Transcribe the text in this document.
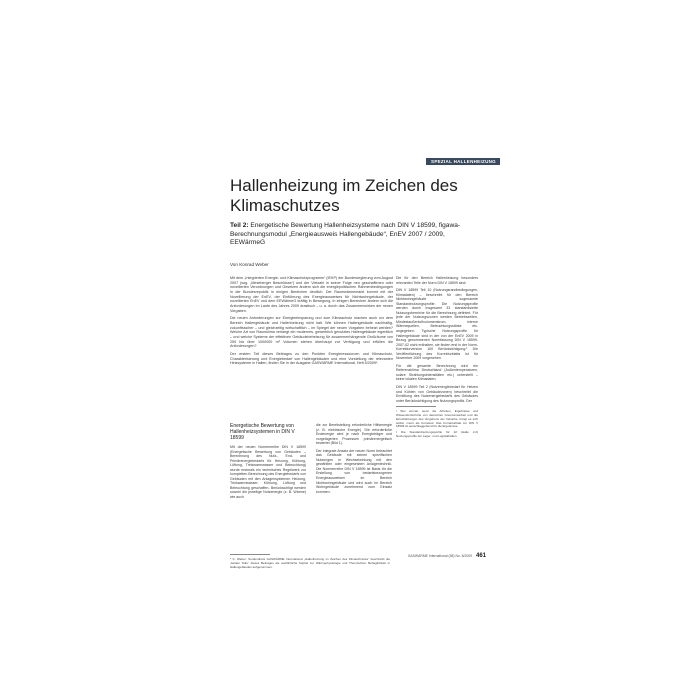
SPEZIAL HALLENHEIZUNG
Hallenheizung im Zeichen des Klimaschutzes
Teil 2: Energetische Bewertung Hallenheizsysteme nach DIN V 18599, figawa-Berechnungsmodul „Energieausweis Hallengebäude“, EnEV 2007 / 2009, EEWärmeG
Von Konrad Weber

Mit dem „Integrierten Energie- und Klimaschutzprogramm“ (IEKP) der Bundesregierung vom August 2007 (sog. „Meseberger Beschlüsse“) und der Vielzahl in seiner Folge neu geschaffenen oder novellierten Verordnungen und Gesetzen ändern sich die energiepolitischen Rahmenbedingungen in der Bundesrepublik in einigen Bereichen deutlich. Der Raumwärmemarkt kommt mit der Novellierung der EnEV, der Einführung des Energieausweises für Nichtwohngebäude, der novellierten EnEV und dem EEWärmeG kräftig in Bewegung, in einigen Bereichen ändern sich die Anforderungen im Laufe des Jahres 2009 drastisch – u. a. durch das Zusammenwirken der neuen Vorgaben.

Die neuen Anforderungen zur Energieeinsparung und zum Klimaschutz machen auch vor dem Bereich Hallengebäude und Hallenheizung nicht halt. Wie können Hallengebäude nachhaltig, zukunftssicher – und gleichzeitig wirtschaftlich – im Spiegel der neuen Vorgaben beheizt werden? Welche Art von Raumklima verlangt ein modernes, gewerblich genutztes Hallengebäude eigentlich – und welche Systeme der effektiven Gebäudebeheizung für zusammenhängende Großräume von 250 bis über 1000000 m³ Volumen stehen überhaupt zur Verfügung und erfüllen die Anforderungen?

Der erstem Teil dieses Beitrages zu den Punkten Energieressourcen und Klimaschutz, Charakterisierung und Energiebedarf von Hallengebäuden und eine Vorstellung der relevanten Heizsysteme in Hallen, finden Sie in der Ausgabe GASWÄRME International, Heft 5/2009*.

Die für den Bereich Hallenheizung besonders relevanten Teile der Norm DIN V 18599 sind:

DIN V 18599 Teil 10 (Nutzungsrandbedingungen, Klimadaten) – beschreibt für den Bereich Nichtwohngebäude sogenannte Standardnutzungsprofile. Die Nutzungsprofile werden durch insgesamt 33 standardisierte Nutzungsbereiche für die Berechnung definiert. Für jede der Nutzungszonen werden Betriebszeiten, Mindestaußenluftvolumenstrom, interne Wärmequellen, Beleuchtungsstärke etc. angegeben. Typische Nutzungsprofile für Hallengebäude sind in der von der EnEV 2009 in Bezug genommenen Normfassung DIN V 18599-2007-02 nicht enthalten, sie finden erst in der Norm-Korrekturversion 100 Berücksichtigung.¹ Die Veröffentlichung des Korrekturblatts ist für November 2009 vorgesehen.

Für die gesamte Berechnung wird ein Referenzklima Deutschland (Außentemperaturen, solare Strahlungsintensitäten etc.) unterstellt – keine lokalen Klimadaten.

DIN V 18599 Teil 2 (Nutzenergiebedarf für Heizen und Kühlen von Gebäudezonen) beschreibt die Ermittlung des Nutzenergiebedarfs des Gebäudes unter Berücksichtigung des Nutzungsprofils. Der

¹ Wer einmal, wenn die Arbeiten, Ergebnisse und Wissensfortschritte von deutschen Gremiumsarbeit und die Einschätzungen des Vorgehens der Industrie, bringt es sich selbst, meint als Korrektur. Das Korrekturblatt zur DIN V 18599 ist ausschlaggebend für die Ergebnisse.

² Die Standardnutzungsprofile für 22 (Halle 2.2) Nutzungsprofile der Lager- und Logistikhallen.

Energetische Bewertung von Hallenheizsystemen in DIN V 18599

Mit der neuen Normenreihe DIN V 18599 (Energetische Bewertung von Gebäuden – Berechnung des Nutz-, End- und Primärenergiebedarfs für Heizung, Kühlung, Lüftung, Trinkwarmwasser und Beleuchtung) wurde erstmals ein technisches Regelwerk zur kompletten Berechnung des Energiebedarfs von Gebäuden mit den Anlagensystemen Heizung, Trinkwarmwasser, Kühlung, Lüftung und Beleuchtung geschaffen. Berücksichtigt werden sowohl die jeweilige Nutzenergie (z. B. Wärme) wie auch

die zur Bereitstellung erforderliche Hilfsenergie (z. B. elektrische Energie). Die erforderliche Endenergie wird je nach Energieträger und vorgelagerten Prozessen primärenergetisch bewertet (Bild 1).

Der integrale Ansatz der neuen Norm betrachtet das Gebäude mit seinen spezifischen Nutzungen in Wechselwirkung mit den gewählten oder eingesetzten Anlagentechnik. Die Normenreihe DIN V 18599 ist Basis für die Erstellung von bedarfsbezogenen Energieausweisen im Bereich Nichtwohngebäude und wird auch im Bereich Wohngebäude zunehmend zum Einsatz kommen.

* K. Weber: Sonderdruck GASWÄRME International „Hallenheizung im Zeichen des Klimaschutzes“ beschreibt die „beiden Teile“ dieses Beitrages als ausführliche Kapitel zur Wärmephysiologie und Thermischen Behaglichkeit in Hallengebäuden aufgenommen.

GASWÄRME International (58) No. 8/2009 461
